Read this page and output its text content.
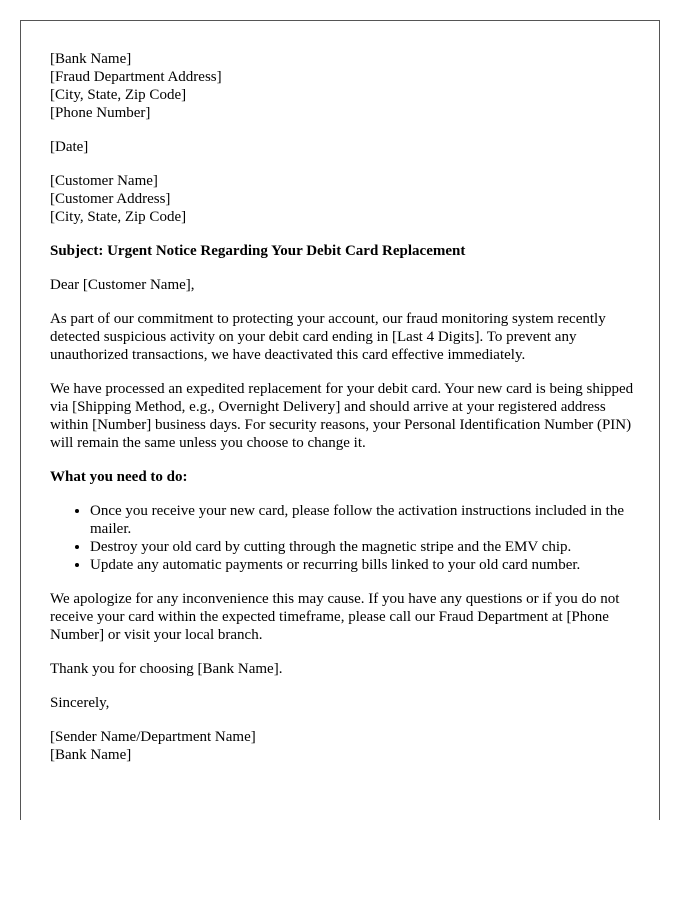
[Bank Name]
[Fraud Department Address]
[City, State, Zip Code]
[Phone Number]
[Date]
[Customer Name]
[Customer Address]
[City, State, Zip Code]
Subject: Urgent Notice Regarding Your Debit Card Replacement

Dear [Customer Name],

As part of our commitment to protecting your account, our fraud monitoring system recently detected suspicious activity on your debit card ending in [Last 4 Digits]. To prevent any unauthorized transactions, we have deactivated this card effective immediately.

We have processed an expedited replacement for your debit card. Your new card is being shipped via [Shipping Method, e.g., Overnight Delivery] and should arrive at your registered address within [Number] business days. For security reasons, your Personal Identification Number (PIN) will remain the same unless you choose to change it.

What you need to do:
• Once you receive your new card, please follow the activation instructions included in the mailer.
• Destroy your old card by cutting through the magnetic stripe and the EMV chip.
• Update any automatic payments or recurring bills linked to your old card number.

We apologize for any inconvenience this may cause. If you have any questions or if you do not receive your card within the expected timeframe, please call our Fraud Department at [Phone Number] or visit your local branch.

Thank you for choosing [Bank Name].

Sincerely,

[Sender Name/Department Name]
[Bank Name]
